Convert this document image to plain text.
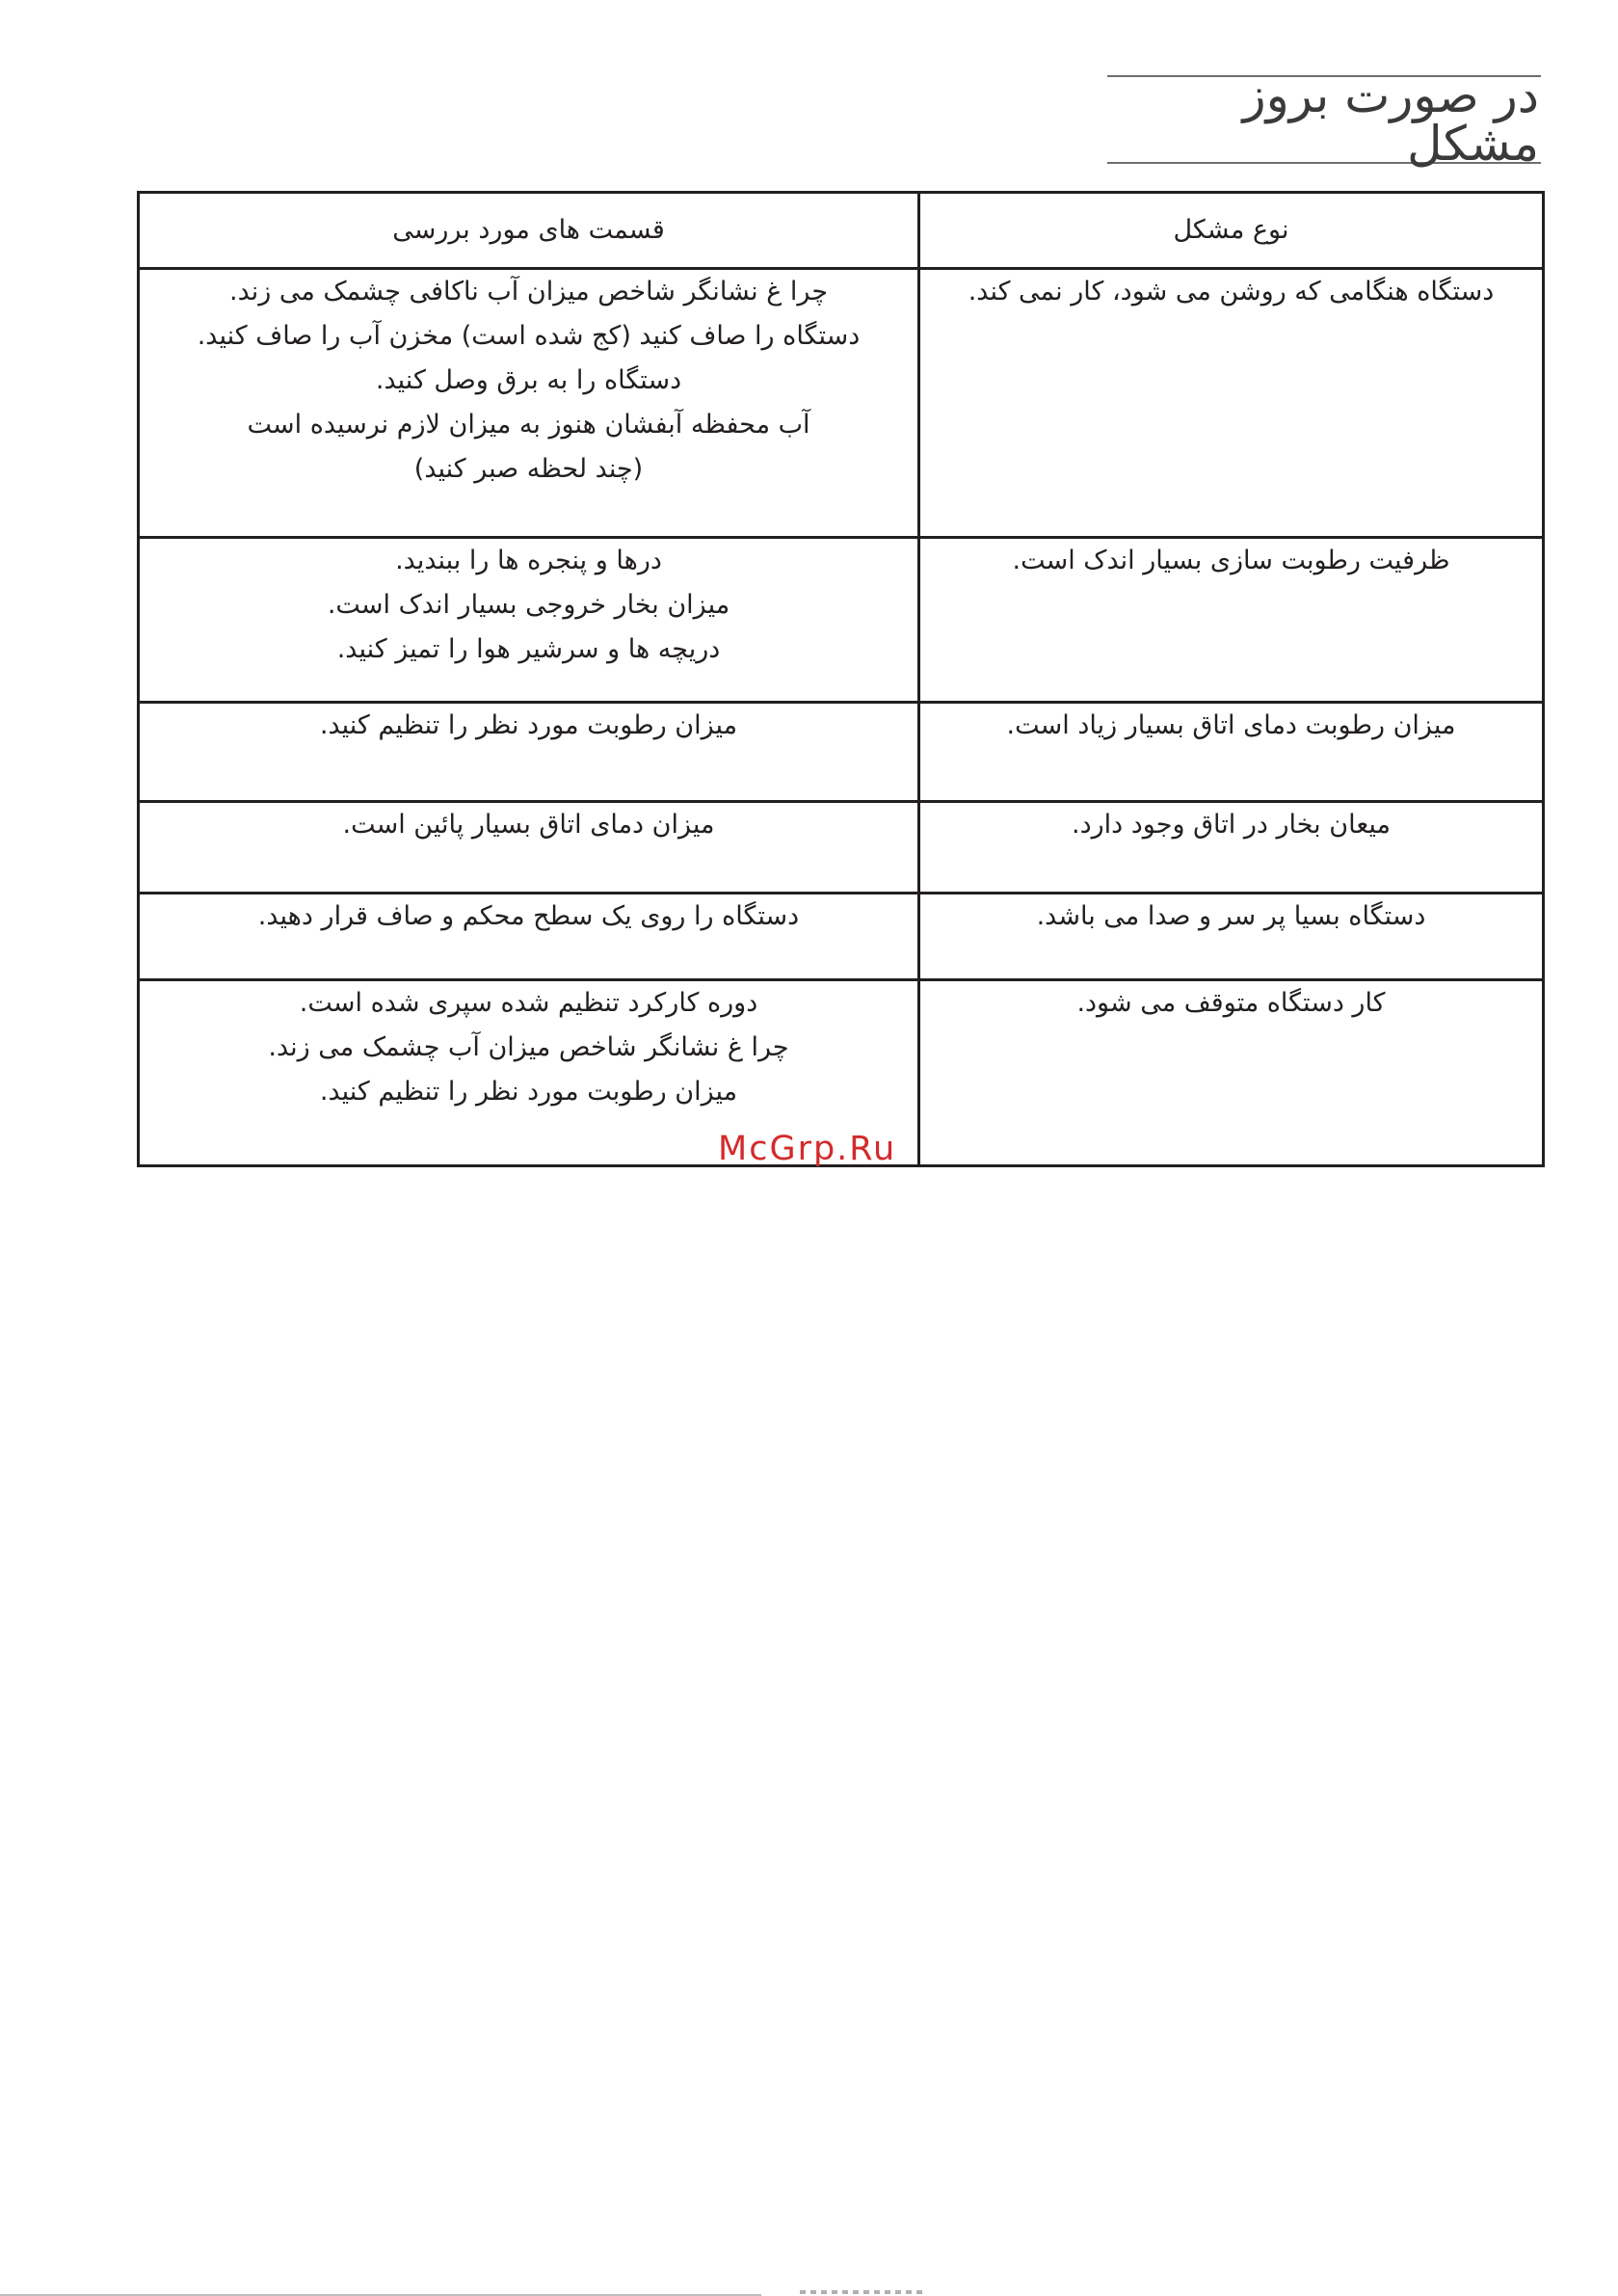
در صورت بروز مشکل
نوع مشکل	قسمت های مورد بررسی

دستگاه هنگامی که روشن می شود، کار نمی کند.	چرا غ نشانگر شاخص میزان آب ناکافی چشمک می زند.
دستگاه را صاف کنید (کج شده است) مخزن آب را صاف کنید.
دستگاه را به برق وصل کنید.
آب محفظه آبفشان هنوز به میزان لازم نرسیده است
(چند لحظه صبر کنید)

ظرفیت رطوبت سازی بسیار اندک است.	درها و پنجره ها را ببندید.
میزان بخار خروجی بسیار اندک است.
دریچه ها و سرشیر هوا را تمیز کنید.

میزان رطوبت دمای اتاق بسیار زیاد است.	میزان رطوبت مورد نظر را تنظیم کنید.

میعان بخار در اتاق وجود دارد.	میزان دمای اتاق بسیار پائین است.

دستگاه بسیا پر سر و صدا می باشد.	دستگاه را روی یک سطح محکم و صاف قرار دهید.

کار دستگاه متوقف می شود.	دوره کارکرد تنظیم شده سپری شده است.
چرا غ نشانگر شاخص میزان آب چشمک می زند.
میزان رطوبت مورد نظر را تنظیم کنید.
McGrp.Ru
